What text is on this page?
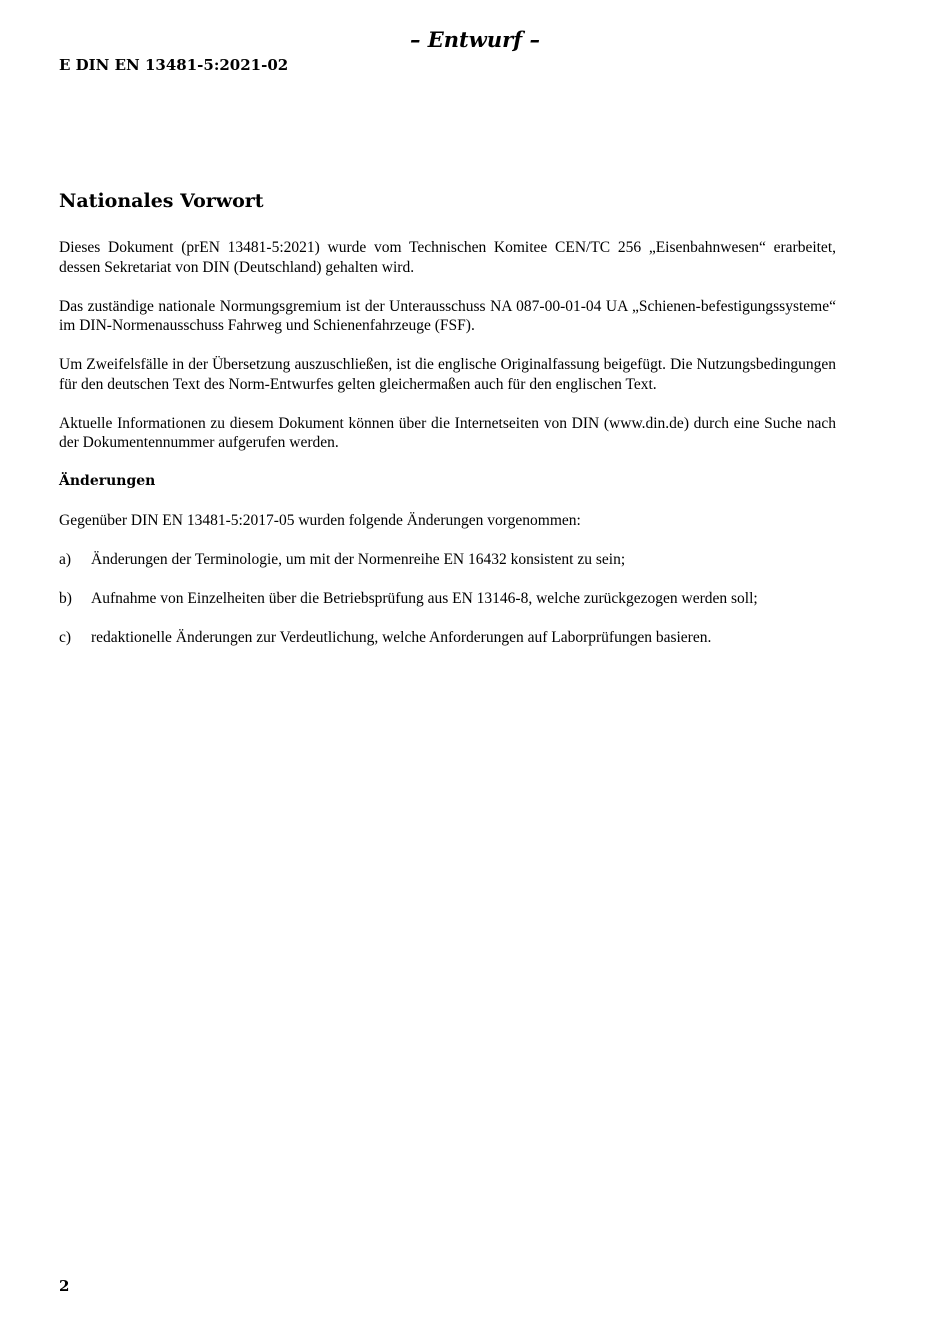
– Entwurf –
E DIN EN 13481-5:2021-02
Nationales Vorwort

Dieses Dokument (prEN 13481-5:2021) wurde vom Technischen Komitee CEN/TC 256 „Eisenbahnwesen“ erarbeitet, dessen Sekretariat von DIN (Deutschland) gehalten wird.

Das zuständige nationale Normungsgremium ist der Unterausschuss NA 087-00-01-04 UA „Schienen-befestigungssysteme“ im DIN-Normenausschuss Fahrweg und Schienenfahrzeuge (FSF).

Um Zweifelsfälle in der Übersetzung auszuschließen, ist die englische Originalfassung beigefügt. Die Nutzungsbedingungen für den deutschen Text des Norm-Entwurfes gelten gleichermaßen auch für den englischen Text.

Aktuelle Informationen zu diesem Dokument können über die Internetseiten von DIN (www.din.de) durch eine Suche nach der Dokumentennummer aufgerufen werden.

Änderungen

Gegenüber DIN EN 13481-5:2017-05 wurden folgende Änderungen vorgenommen:

a)	Änderungen der Terminologie, um mit der Normenreihe EN 16432 konsistent zu sein;
b)	Aufnahme von Einzelheiten über die Betriebsprüfung aus EN 13146-8, welche zurückgezogen werden soll;
c)	redaktionelle Änderungen zur Verdeutlichung, welche Anforderungen auf Laborprüfungen basieren.
2
